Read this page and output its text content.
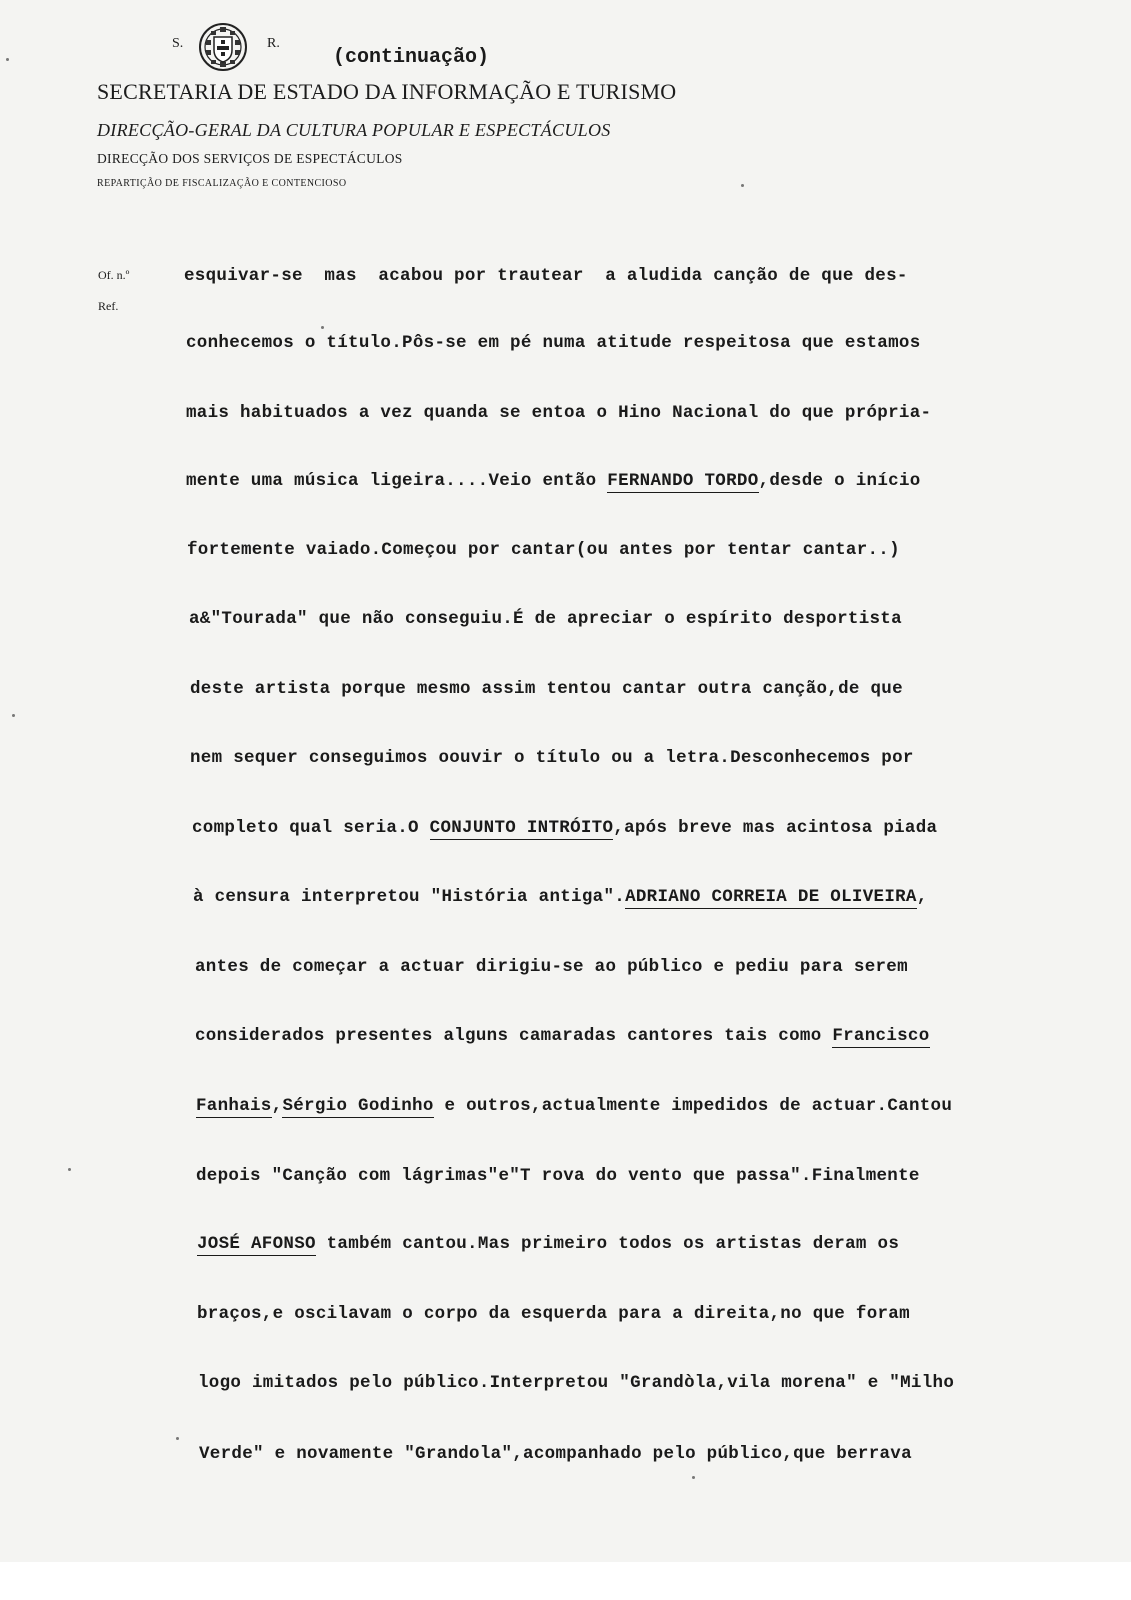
S.	R.
(continuação)
SECRETARIA DE ESTADO DA INFORMAÇÃO E TURISMO
DIRECÇÃO-GERAL DA CULTURA POPULAR E ESPECTÁCULOS
DIRECÇÃO DOS SERVIÇOS DE ESPECTÁCULOS
REPARTIÇÃO DE FISCALIZAÇÃO E CONTENCIOSO
Of. n.º
Ref.
esquivar-se  mas  acabou por trautear  a aludida canção de que des-
conhecemos o título.Pôs-se em pé numa atitude respeitosa que estamos
mais habituados a vez quanda se entoa o Hino Nacional do que própria-
mente uma música ligeira....Veio então FERNANDO TORDO,desde o início
fortemente vaiado.Começou por cantar(ou antes por tentar cantar..)
a&"Tourada" que não conseguiu.É de apreciar o espírito desportista
deste artista porque mesmo assim tentou cantar outra canção,de que
nem sequer conseguimos oouvir o título ou a letra.Desconhecemos por
completo qual seria.O CONJUNTO INTRÓITO,após breve mas acintosa piada
à censura interpretou "História antiga".ADRIANO CORREIA DE OLIVEIRA,
antes de começar a actuar dirigiu-se ao público e pediu para serem
considerados presentes alguns camaradas cantores tais como Francisco
Fanhais,Sérgio Godinho e outros,actualmente impedidos de actuar.Cantou
depois "Canção com lágrimas"e"T rova do vento que passa".Finalmente
JOSÉ AFONSO também cantou.Mas primeiro todos os artistas deram os
braços,e oscilavam o corpo da esquerda para a direita,no que foram
logo imitados pelo público.Interpretou "Grandòla,vila morena" e "Milho
Verde" e novamente "Grandola",acompanhado pelo público,que berrava
